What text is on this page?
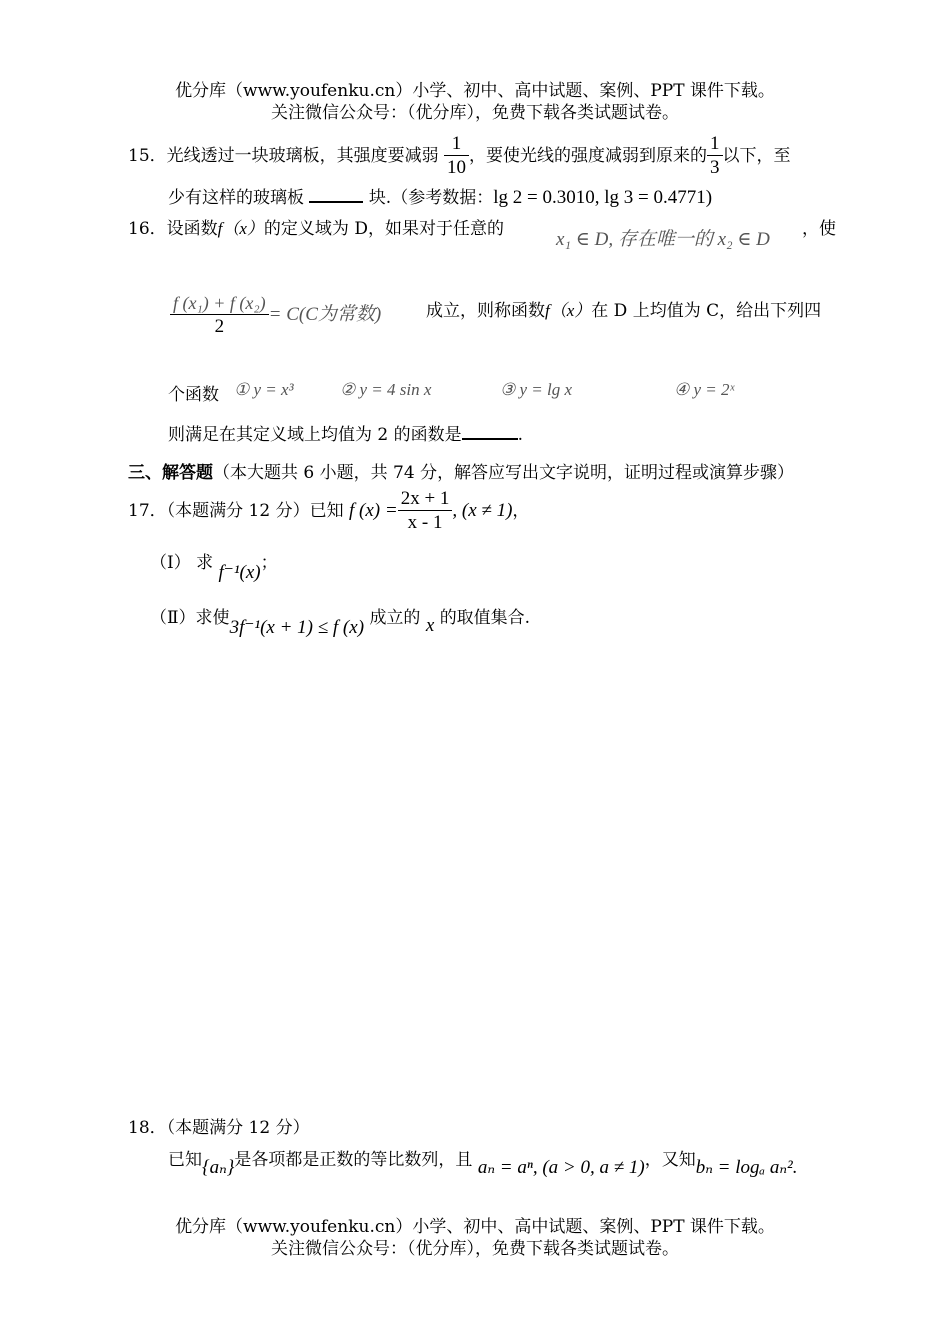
优分库（www.youfenku.cn）小学、初中、高中试题、案例、PPT 课件下载。
关注微信公众号：（优分库），免费下载各类试题试卷。
15．光线透过一块玻璃板，其强度要减弱 $\frac{1}{10}$ ，要使光线的强度减弱到原来的 $\frac{1}{3}$ 以下，至
少有这样的玻璃板	块.（参考数据：lg 2 = 0.3010, lg 3 = 0.4771)
16．设函数f（x）的定义域为 D，如果对于任意的	x₁ ∈ D, 存在唯一的 x₂ ∈ D ，使
$\frac{\text{f (x₁) + f (x₂)}}{2} = C(C$为常数)	成立，则称函数f（x）在 D 上均值为 C，给出下列四
个函数 ① y = x³	② y = 4 sin x	③ y = lg x	④ y = 2ˣ
则满足在其定义域上均值为 2 的函数是	.
三、解答题（本大题共 6 小题，共 74 分，解答应写出文字说明，证明过程或演算步骤）
17．（本题满分 12 分）已知 f $(x) = \frac{2x + 1}{x - 1}$ , (x ≠ 1)，
（Ⅰ） 求 f⁻¹(x)；
（Ⅱ）求使3f⁻¹(x + 1) ≤ f (x) 成立的 x 的取值集合.
18．（本题满分 12 分）
已知{aₙ}是各项都是正数的等比数列，且 aₙ = aⁿ, (a > 0, a ≠ 1)，又知bₙ = logₐ aₙ².
优分库（www.youfenku.cn）小学、初中、高中试题、案例、PPT 课件下载。
关注微信公众号：（优分库），免费下载各类试题试卷。
